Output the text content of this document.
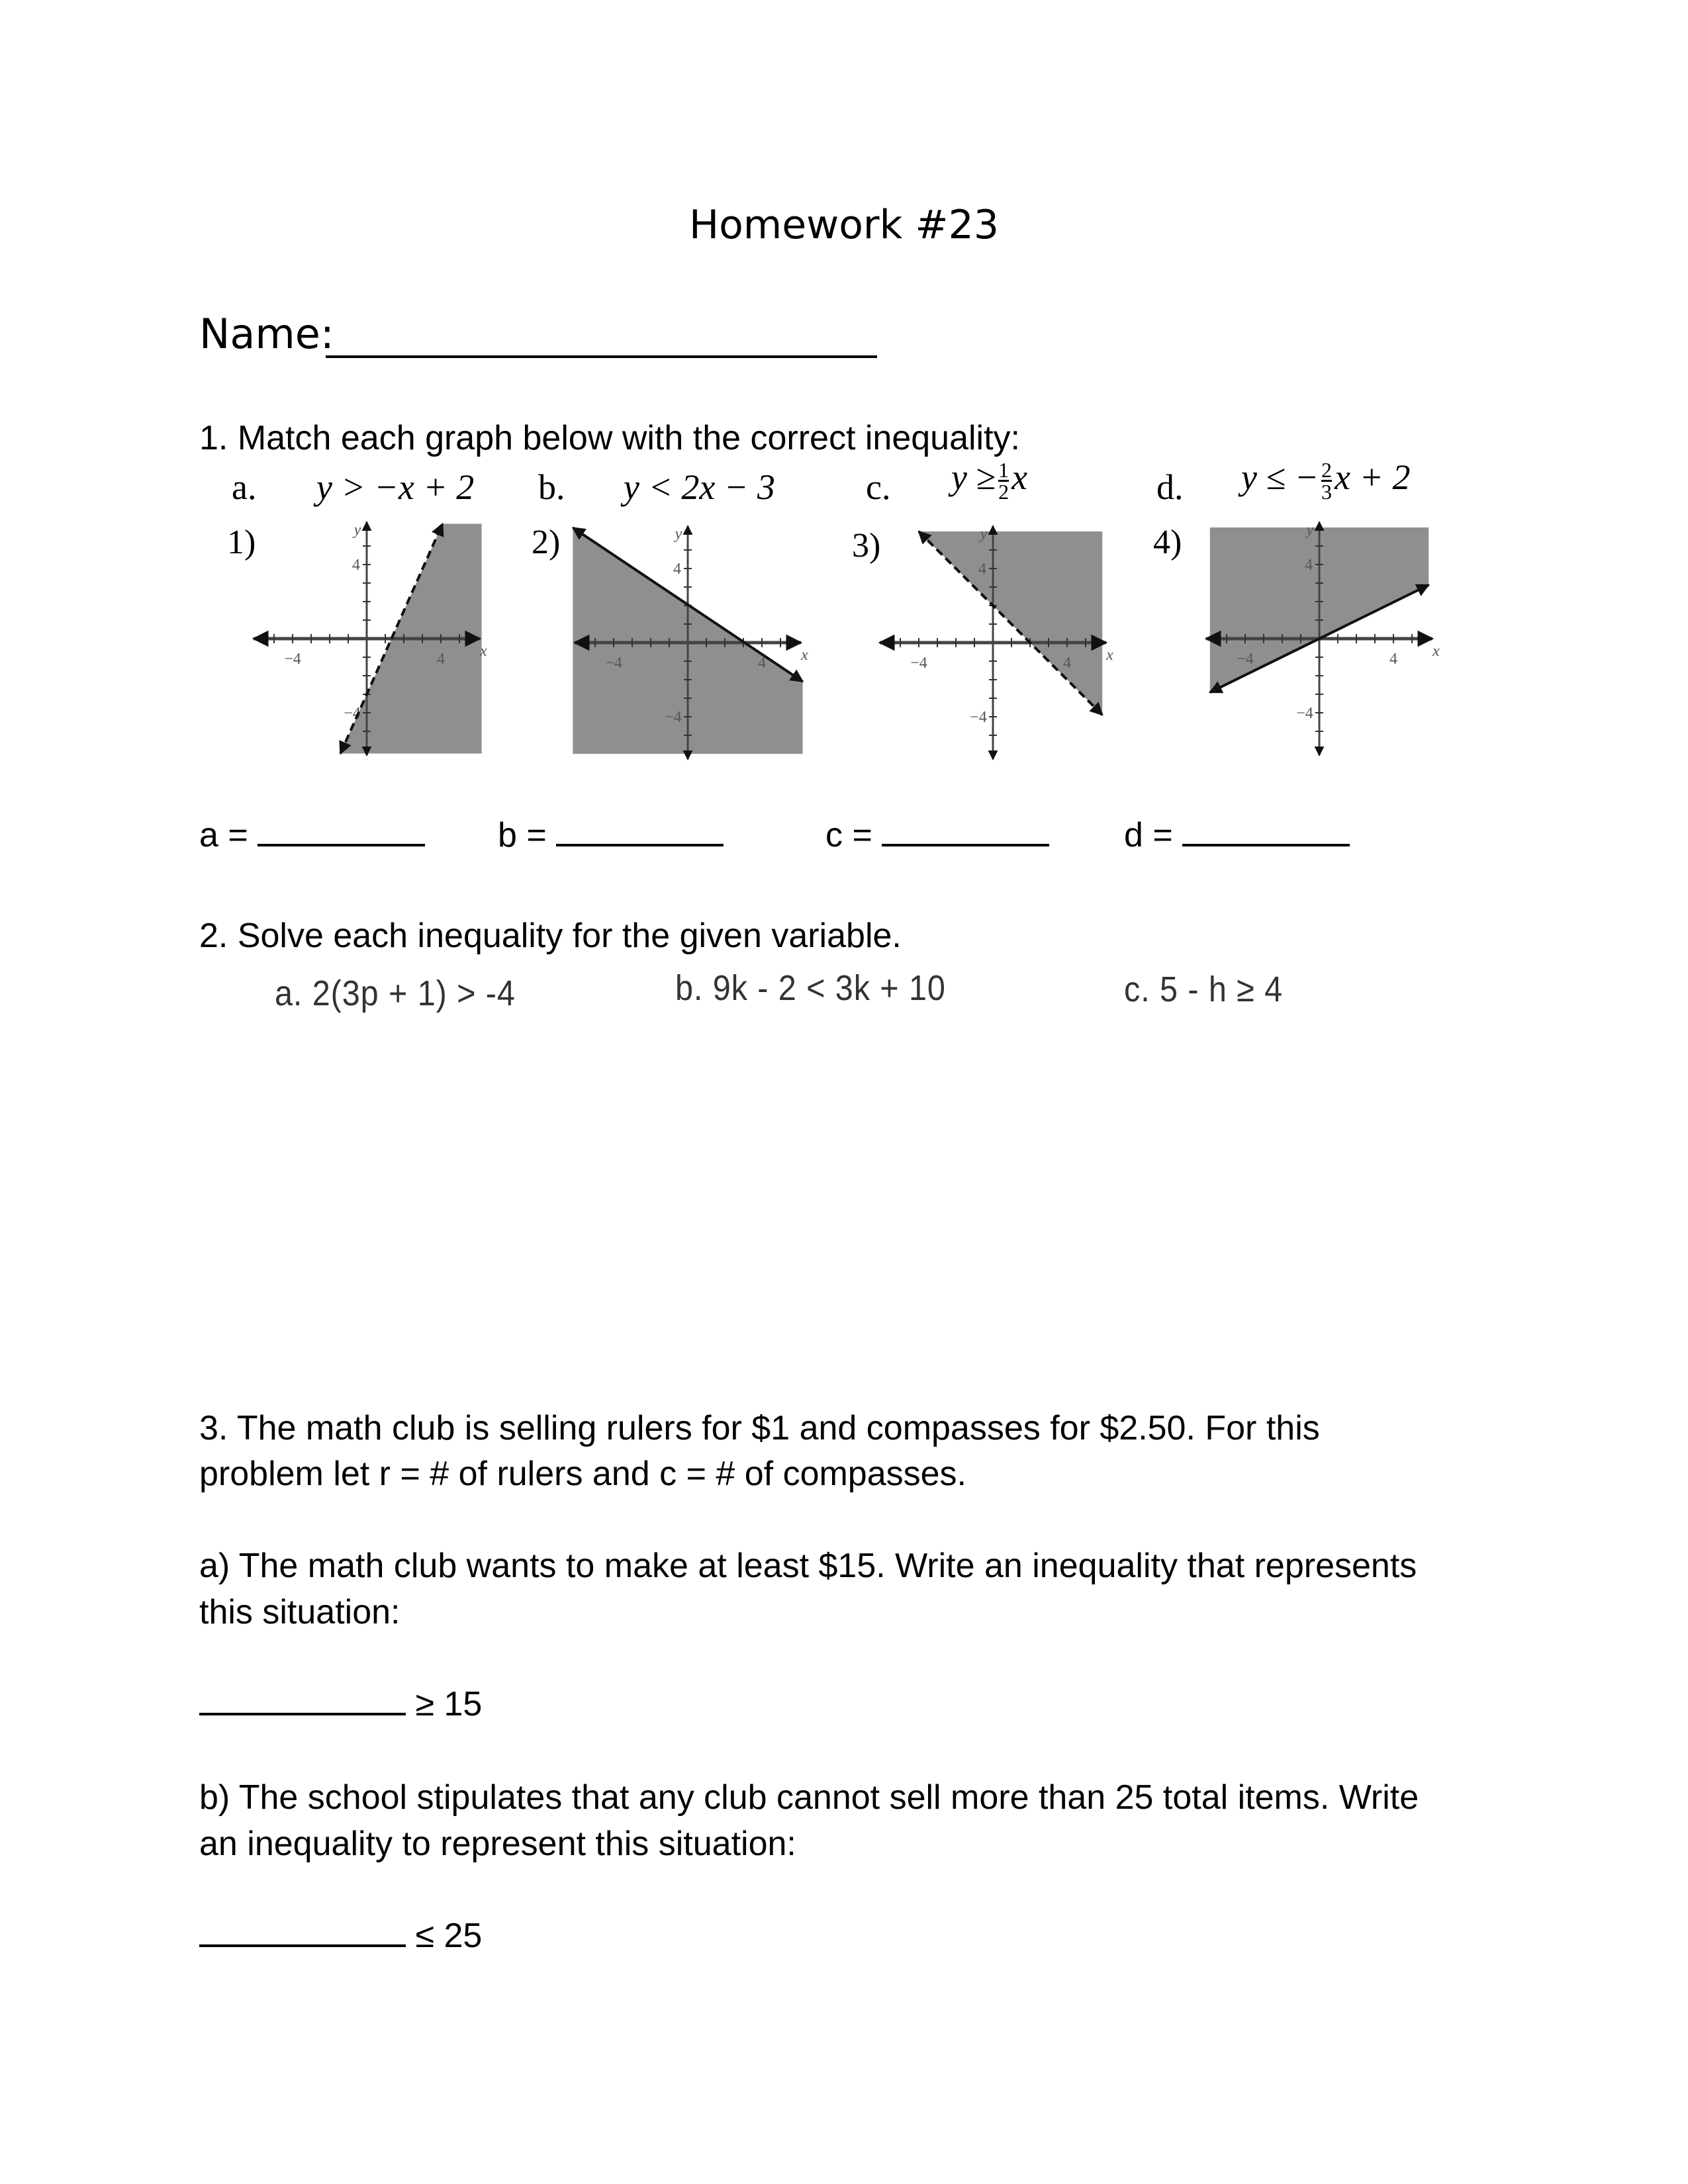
Homework #23
Name:
1. Match each graph below with the correct inequality:
a. y > −x + 2 b. y < 2x − 3	c. $y \ge \frac{1}{2}$ x	d. y ≤ − $\frac{2}{3}$ x + 2
1)	2)	3)	4)
−4	4
4
−4
x
y
−4	4
4
−4
x
y
−4	4
4
−4
x
y
−4	4
4
−4
x
y
a =	b =	c =	d =
2. Solve each inequality for the given variable.
a. 2(3p + 1) > -4	b. 9k - 2 < 3k + 10	c. 5 - h ≥ 4
3. The math club is selling rulers for $1 and compasses for $2.50. For this
problem let r = # of rulers and c = # of compasses.
a) The math club wants to make at least $15. Write an inequality that represents
this situation:
≥ 15
b) The school stipulates that any club cannot sell more than 25 total items. Write
an inequality to represent this situation:
≤ 25
